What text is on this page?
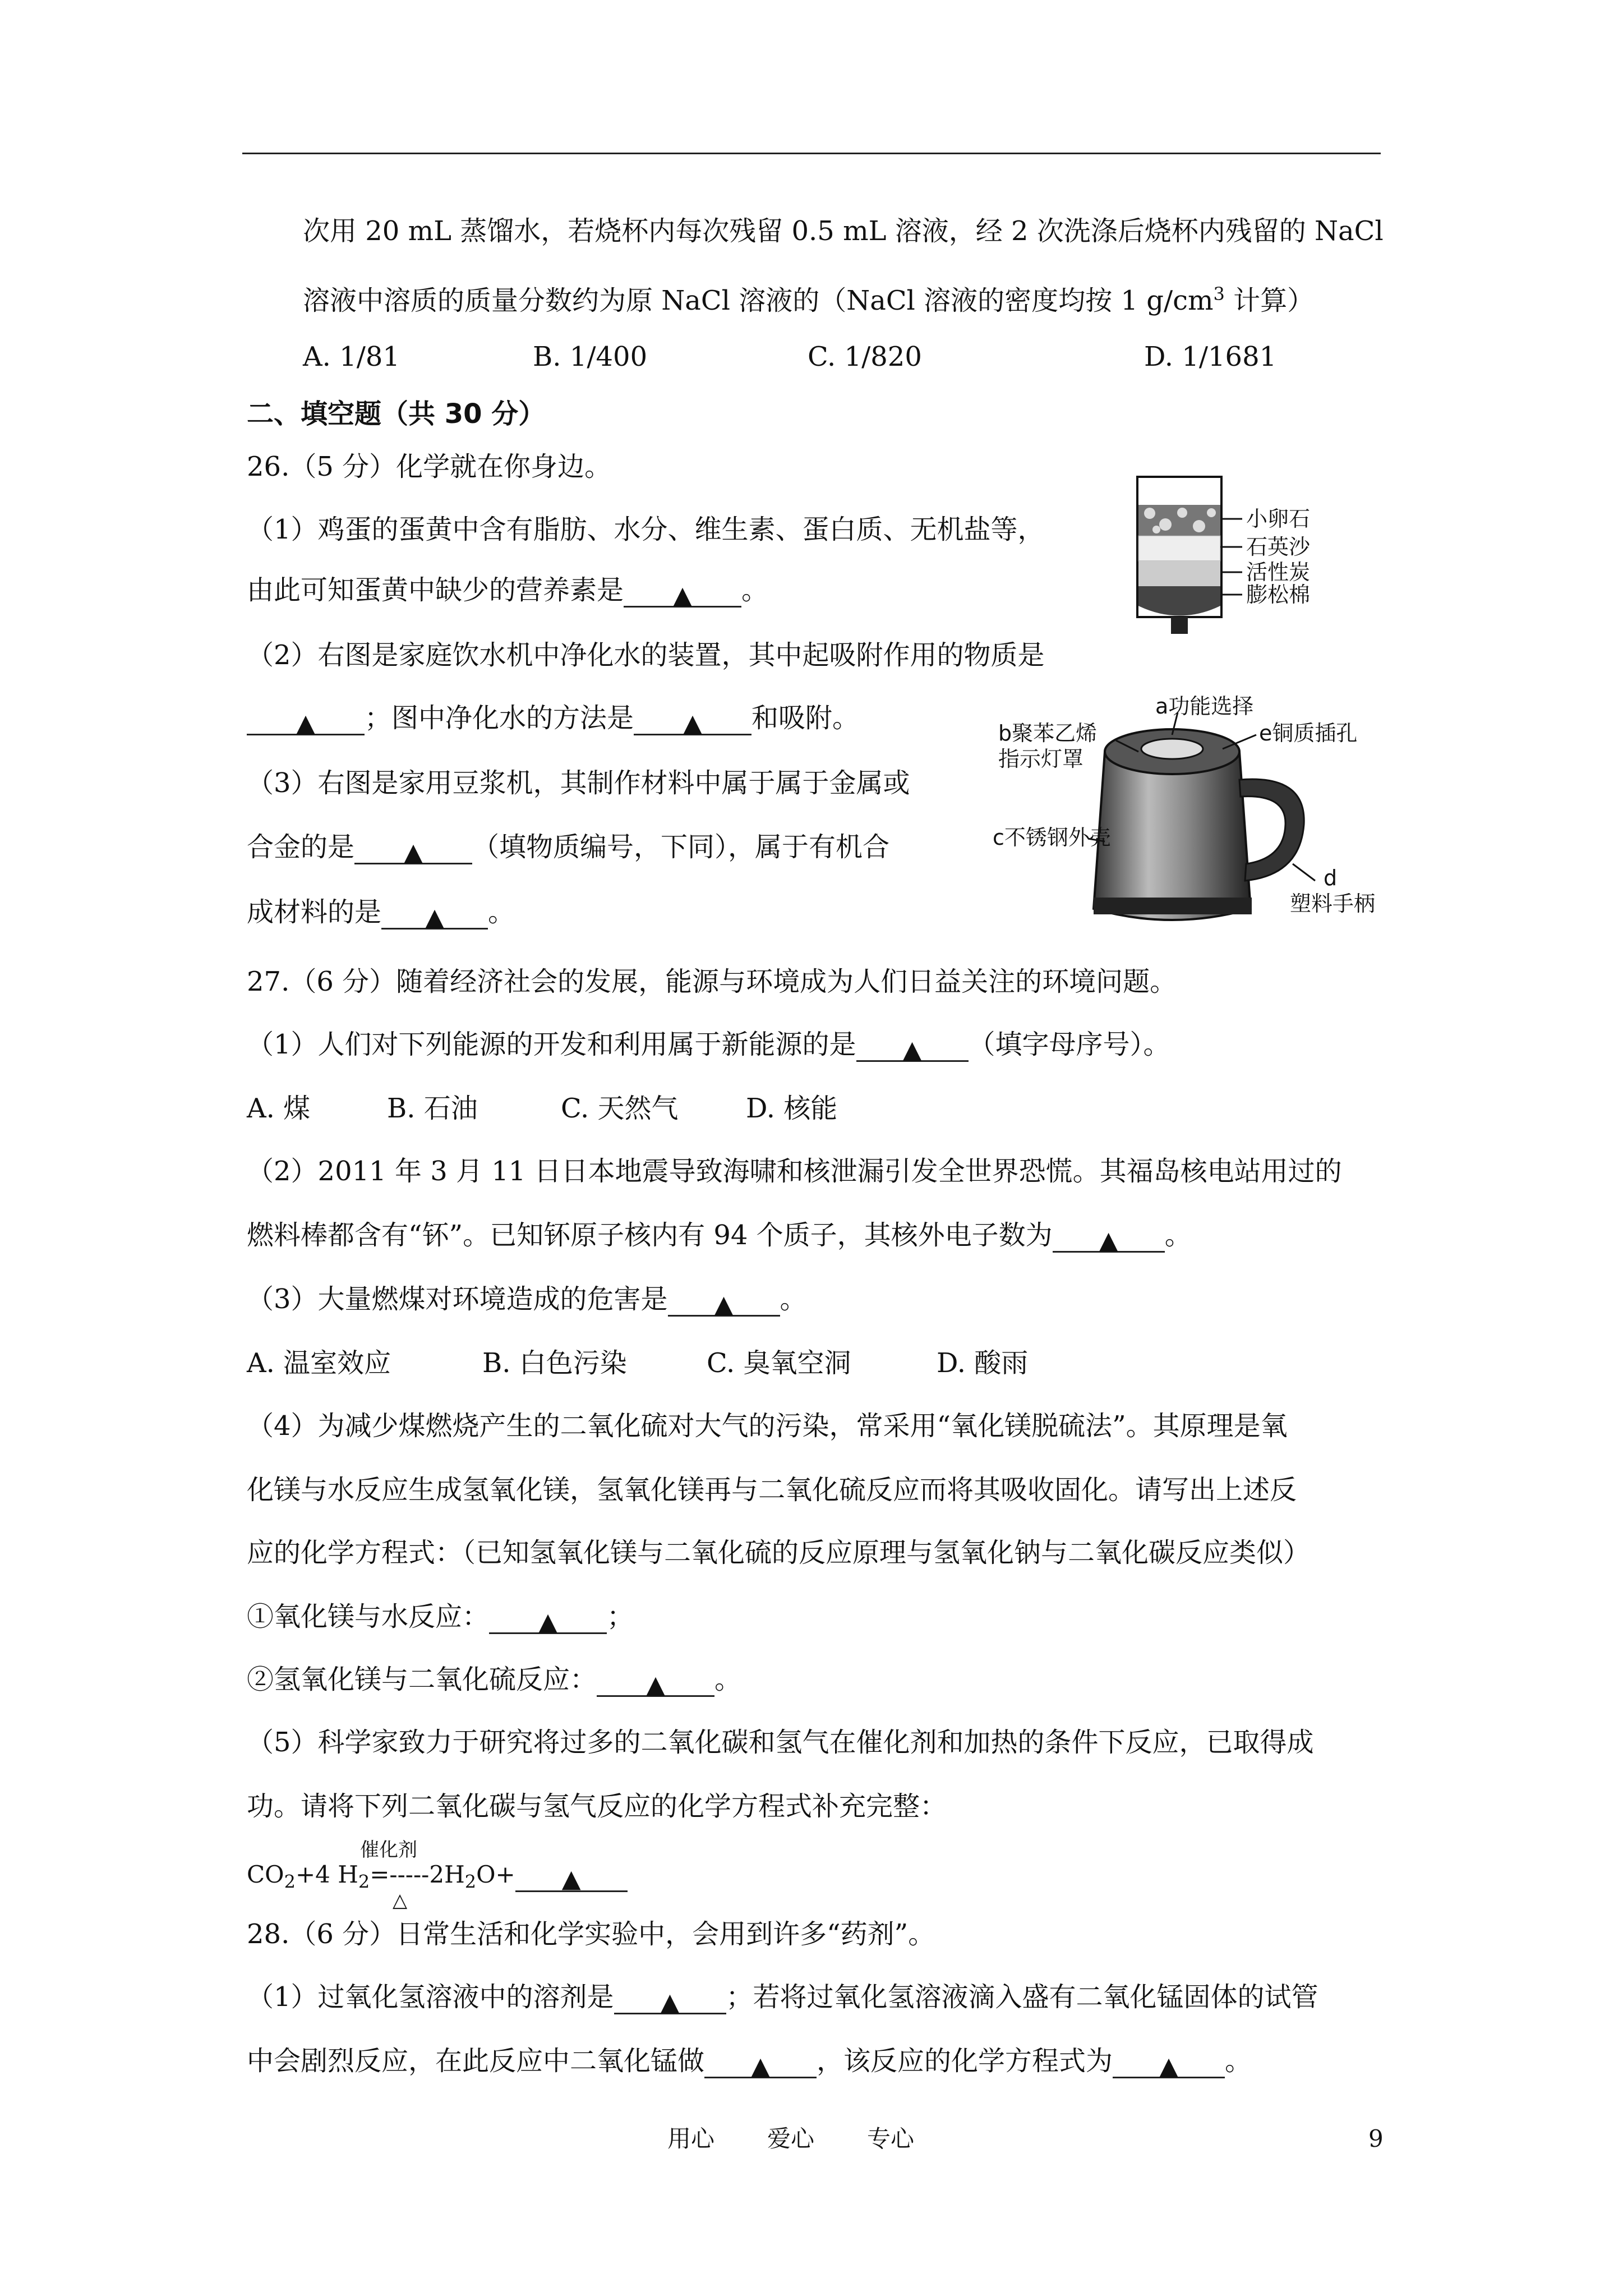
次用 20 mL 蒸馏水，若烧杯内每次残留 0.5 mL 溶液，经 2 次洗涤后烧杯内残留的 NaCl
溶液中溶质的质量分数约为原 NaCl 溶液的（NaCl 溶液的密度均按 1 $g/cm^3$ 计算）
A. 1/81	B. 1/400	C. 1/820	D. 1/1681
二、填空题（共 30 分）
26.（5 分）化学就在你身边。
（1）鸡蛋的蛋黄中含有脂肪、水分、维生素、蛋白质、无机盐等，
由此可知蛋黄中缺少的营养素是 ▲ 。
（2）右图是家庭饮水机中净化水的装置，其中起吸附作用的物质是
▲ ；图中净化水的方法是 ▲ 和吸附。
（3）右图是家用豆浆机，其制作材料中属于属于金属或
合金的是 ▲ （填物质编号，下同），属于有机合
成材料的是 ▲ 。
小卵石
石英沙
活性炭
膨松棉
a功能选择
b聚苯乙烯
指示灯罩
e铜质插孔
c不锈钢外壳
d
塑料手柄
27.（6 分）随着经济社会的发展，能源与环境成为人们日益关注的环境问题。
（1）人们对下列能源的开发和利用属于新能源的是 ▲ （填字母序号）。
A. 煤	B. 石油	C. 天然气	D. 核能
（2）2011 年 3 月 11 日日本地震导致海啸和核泄漏引发全世界恐慌。其福岛核电站用过的
燃料棒都含有“钚”。已知钚原子核内有 94 个质子，其核外电子数为 ▲ 。
（3）大量燃煤对环境造成的危害是 ▲ 。
A. 温室效应	B. 白色污染	C. 臭氧空洞	D. 酸雨
（4）为减少煤燃烧产生的二氧化硫对大气的污染，常采用“氧化镁脱硫法”。其原理是氧
化镁与水反应生成氢氧化镁，氢氧化镁再与二氧化硫反应而将其吸收固化。请写出上述反
应的化学方程式：（已知氢氧化镁与二氧化硫的反应原理与氢氧化钠与二氧化碳反应类似）
①氧化镁与水反应： ▲ ；
②氢氧化镁与二氧化硫反应： ▲ 。
（5）科学家致力于研究将过多的二氧化碳和氢气在催化剂和加热的条件下反应，已取得成
功。请将下列二氧化碳与氢气反应的化学方程式补充完整：
催化剂
$CO_2+4$ $H_2=-----2H_2O+$ ▲
△
28.（6 分）日常生活和化学实验中，会用到许多“药剂”。
（1）过氧化氢溶液中的溶剂是 ▲ ；若将过氧化氢溶液滴入盛有二氧化锰固体的试管
中会剧烈反应，在此反应中二氧化锰做 ▲ ，该反应的化学方程式为 ▲ 。
用心 爱心 专心	9
